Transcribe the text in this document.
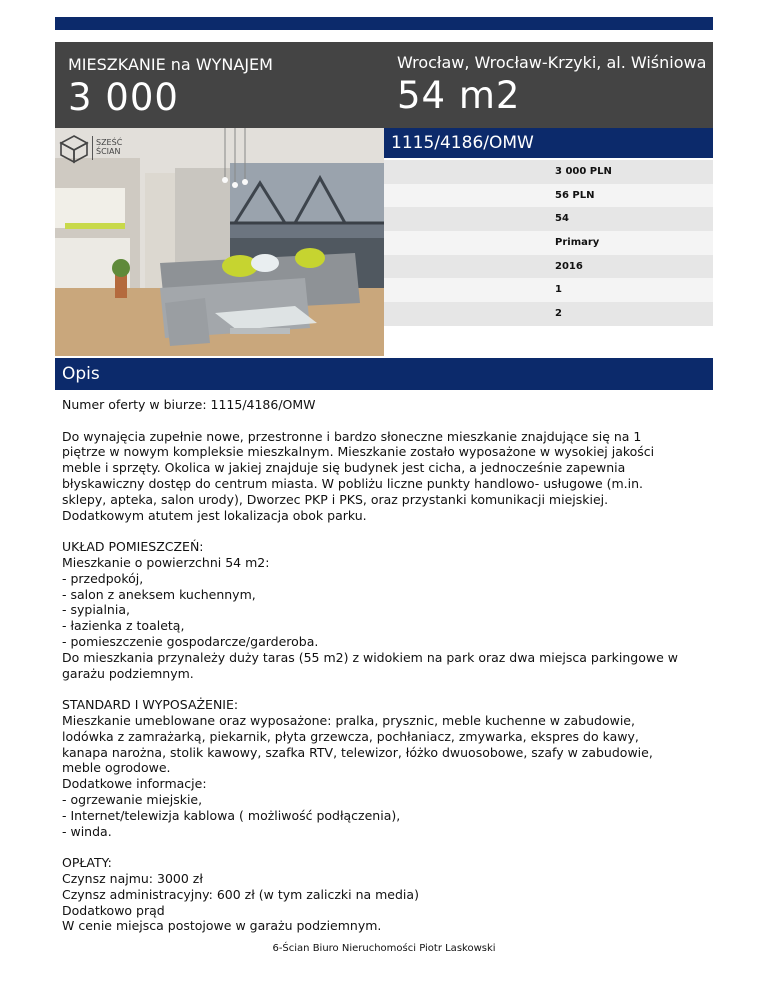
MIESZKANIE na WYNAJEM
3 000
Wrocław, Wrocław-Krzyki, al. Wiśniowa
54 m2
SZEŚĆ
ŚCIAN	1115/4186/OMW
3 000 PLN
56 PLN
54
Primary
2016
1
2
Opis

Numer oferty w biurze: 1115/4186/OMW

Do wynajęcia zupełnie nowe, przestronne i bardzo słoneczne mieszkanie znajdujące się na 1
piętrze w nowym kompleksie mieszkalnym. Mieszkanie zostało wyposażone w wysokiej jakości
meble i sprzęty. Okolica w jakiej znajduje się budynek jest cicha, a jednocześnie zapewnia
błyskawiczny dostęp do centrum miasta. W pobliżu liczne punkty handlowo- usługowe (m.in.
sklepy, apteka, salon urody), Dworzec PKP i PKS, oraz przystanki komunikacji miejskiej.
Dodatkowym atutem jest lokalizacja obok parku.

UKŁAD POMIESZCZEŃ:
Mieszkanie o powierzchni 54 m2:
- przedpokój,
- salon z aneksem kuchennym,
- sypialnia,
- łazienka z toaletą,
- pomieszczenie gospodarcze/garderoba.
Do mieszkania przynależy duży taras (55 m2) z widokiem na park oraz dwa miejsca parkingowe w
garażu podziemnym.

STANDARD I WYPOSAŻENIE:
Mieszkanie umeblowane oraz wyposażone: pralka, prysznic, meble kuchenne w zabudowie,
lodówka z zamrażarką, piekarnik, płyta grzewcza, pochłaniacz, zmywarka, ekspres do kawy,
kanapa narożna, stolik kawowy, szafka RTV, telewizor, łóżko dwuosobowe, szafy w zabudowie,
meble ogrodowe.
Dodatkowe informacje:
- ogrzewanie miejskie,
- Internet/telewizja kablowa ( możliwość podłączenia),
- winda.

OPŁATY:
Czynsz najmu: 3000 zł
Czynsz administracyjny: 600 zł (w tym zaliczki na media)
Dodatkowo prąd
W cenie miejsca postojowe w garażu podziemnym.

6-Ścian Biuro Nieruchomości Piotr Laskowski
